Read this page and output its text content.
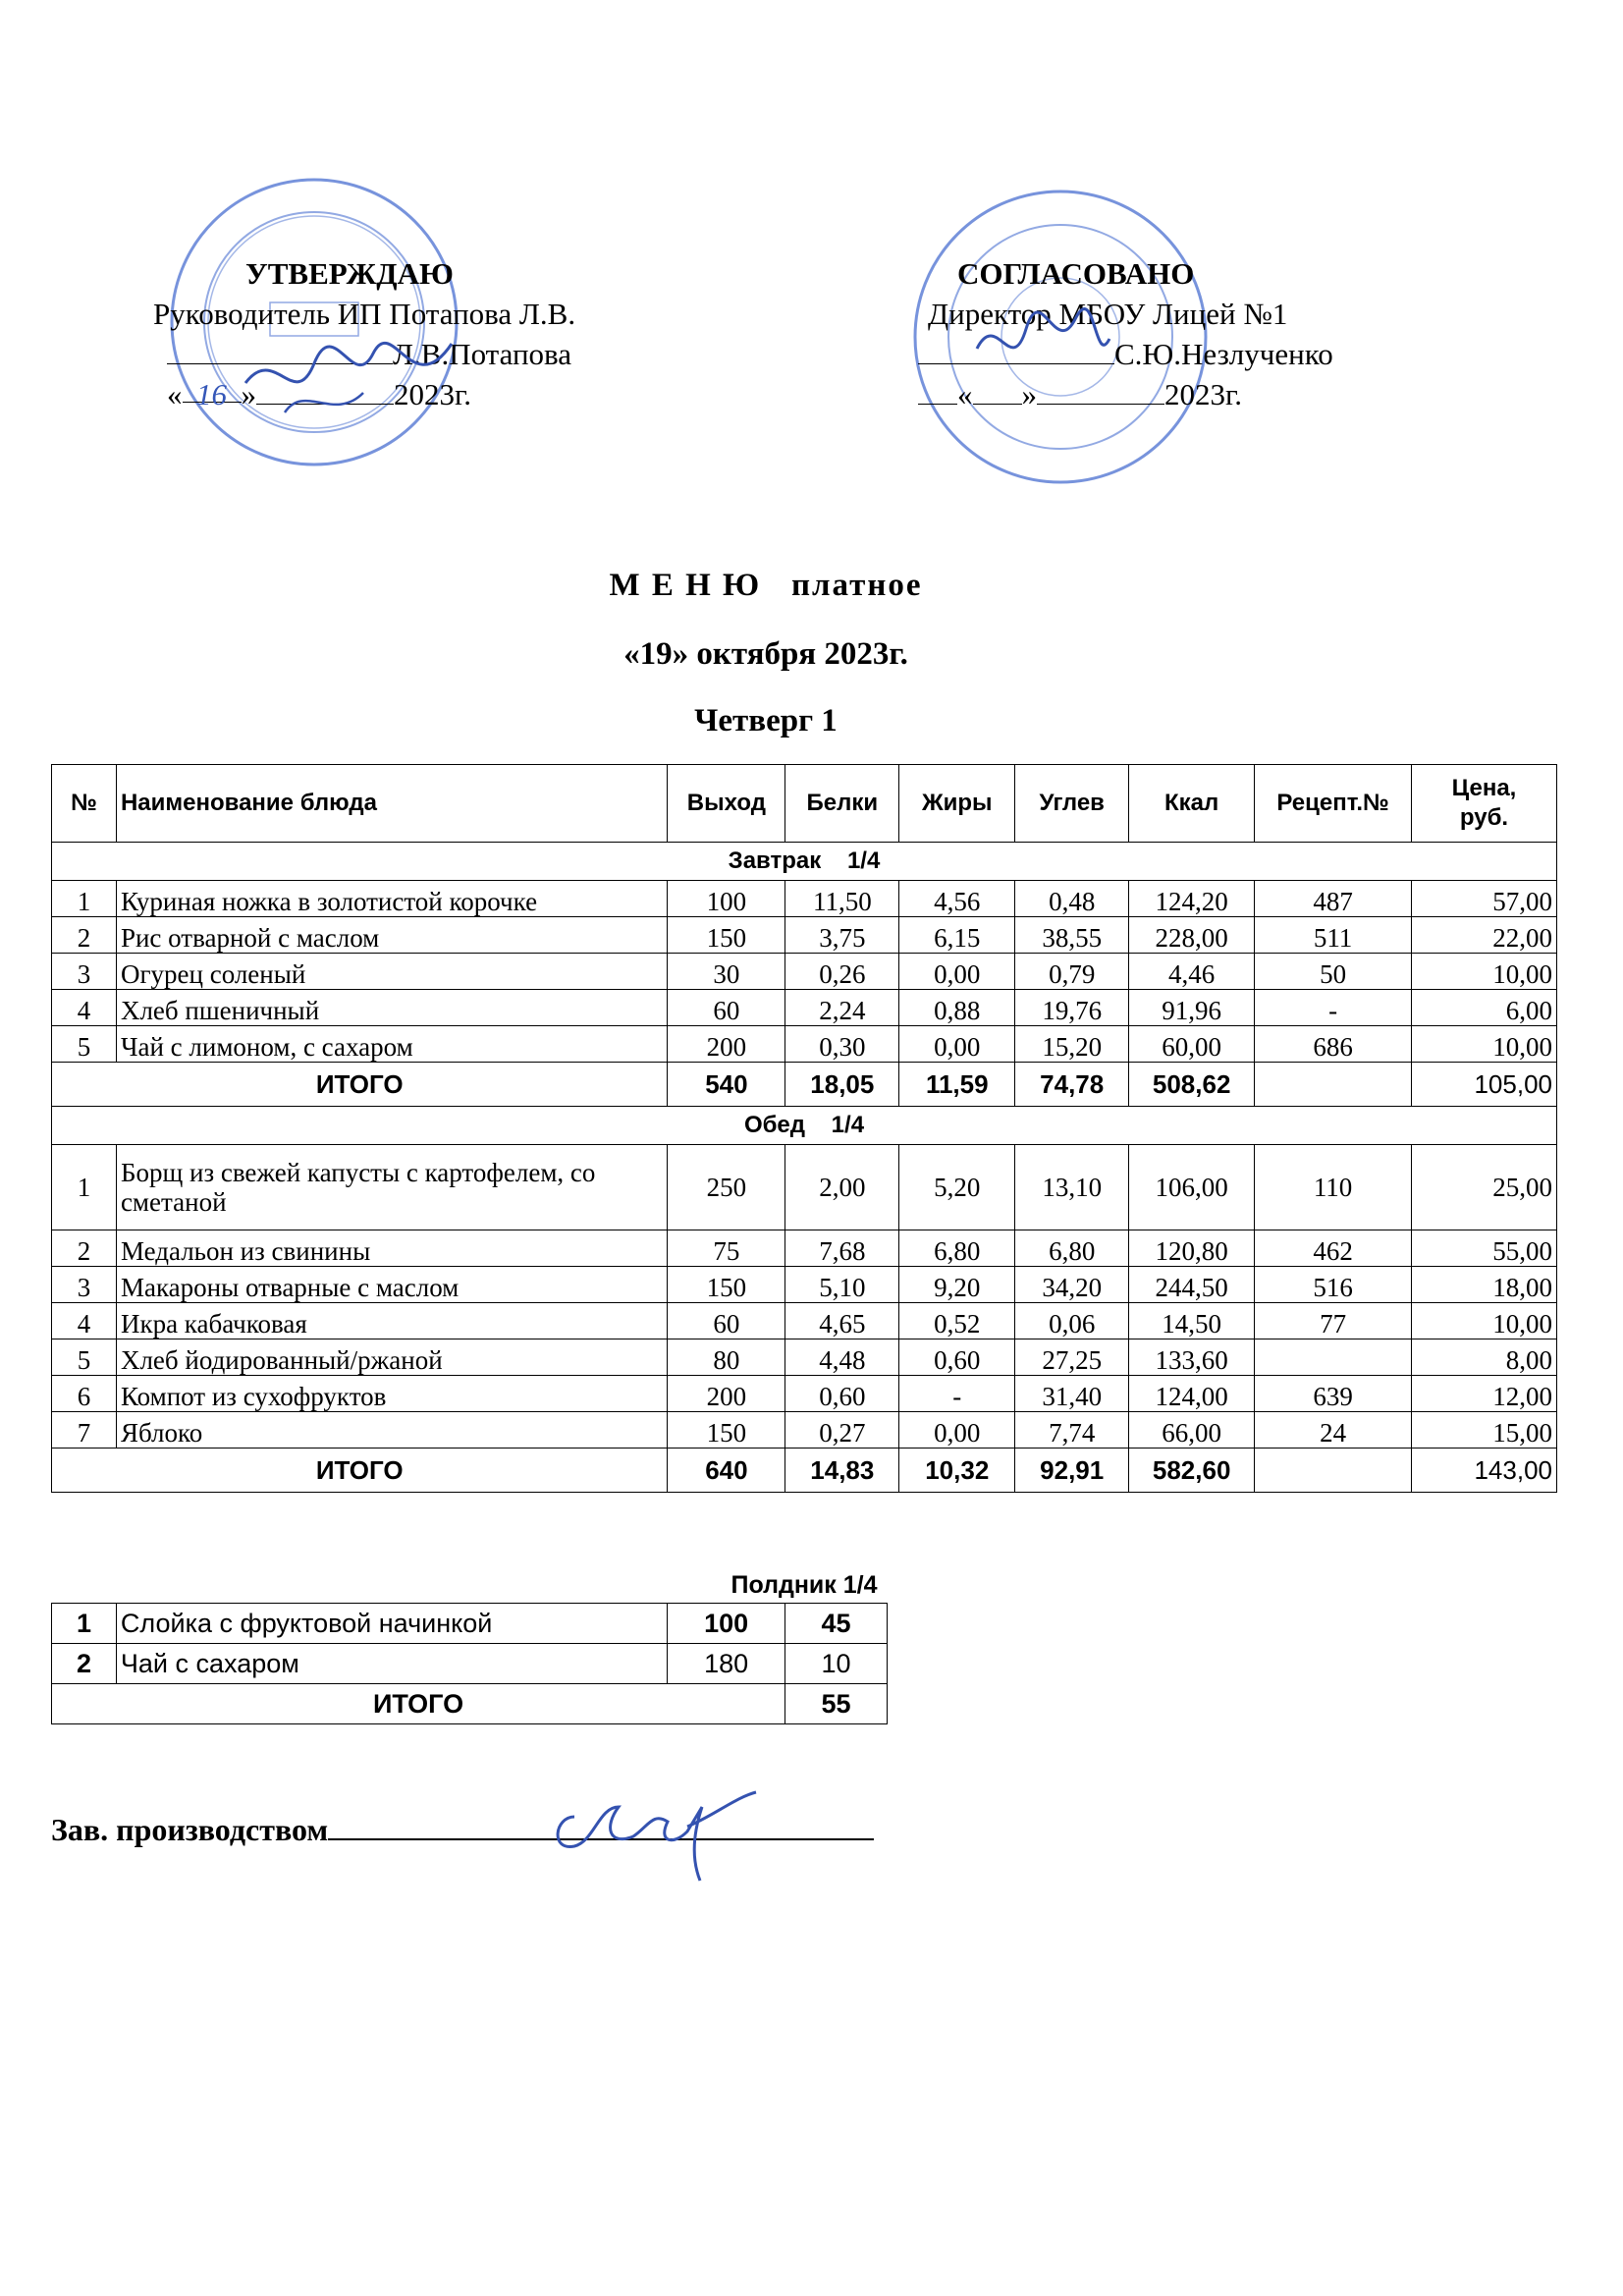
УТВЕРЖДАЮ
Руководитель ИП Потапова Л.В.
Л.В.Потапова
« 16 »	2023г.
СОГЛАСОВАНО
Директор МБОУ Лицей №1
С.Ю.Незлученко
« »	2023г.
М Е Н Ю   платное
«19» октября 2023г.
Четверг 1
№	Наименование блюда	Выход	Белки	Жиры	Углев	Ккал	Рецепт.№	Цена, руб.
Завтрак    1/4								
1	Куриная ножка в золотистой корочке	100	11,50	4,56	0,48	124,20	487	57,00
2	Рис отварной с маслом	150	3,75	6,15	38,55	228,00	511	22,00
3	Огурец соленый	30	0,26	0,00	0,79	4,46	50	10,00
4	Хлеб пшеничный	60	2,24	0,88	19,76	91,96	-	6,00
5	Чай с лимоном, с сахаром	200	0,30	0,00	15,20	60,00	686	10,00
ИТОГО		540	18,05	11,59	74,78	508,62		105,00
Обед    1/4								
1	Борщ из свежей капусты с картофелем, со сметаной	250	2,00	5,20	13,10	106,00	110	25,00
2	Медальон из свинины	75	7,68	6,80	6,80	120,80	462	55,00
3	Макароны отварные с маслом	150	5,10	9,20	34,20	244,50	516	18,00
4	Икра кабачковая	60	4,65	0,52	0,06	14,50	77	10,00
5	Хлеб йодированный/ржаной	80	4,48	0,60	27,25	133,60		8,00
6	Компот из сухофруктов	200	0,60	-	31,40	124,00	639	12,00
7	Яблоко	150	0,27	0,00	7,74	66,00	24	15,00
ИТОГО		640	14,83	10,32	92,91	582,60		143,00
Полдник 1/4
1	Слойка с фруктовой начинкой	100	45
2	Чай с сахаром	180	10
ИТОГО			55
Зав. производством
